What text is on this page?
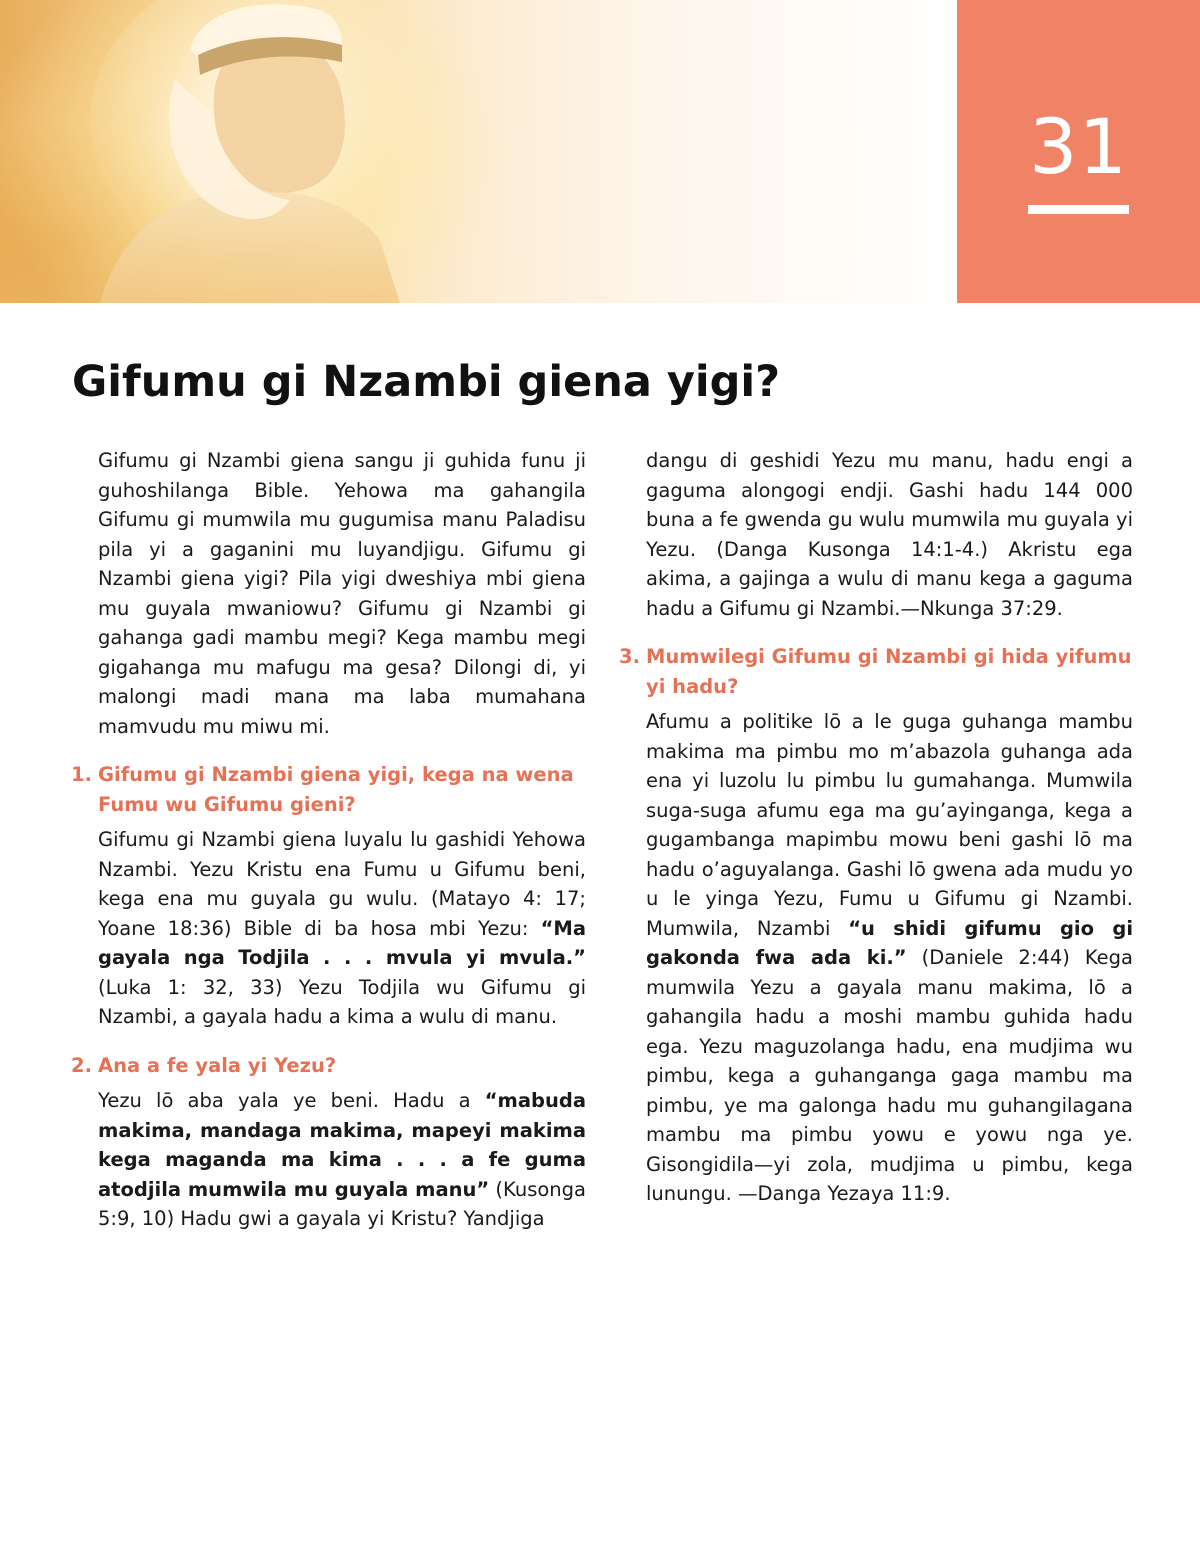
31
Gifumu gi Nzambi giena yigi?

Gifumu gi Nzambi giena sangu ji guhida funu ji guhoshilanga Bible. Yehowa ma gahangila Gifumu gi mumwila mu gugumisa manu Paladisu pila yi a gaganini mu luyandjigu. Gifumu gi Nzambi giena yigi? Pila yigi dweshiya mbi giena mu guyala mwaniowu? Gifumu gi Nzambi gi gahanga gadi mambu megi? Kega mambu megi gigahanga mu mafugu ma gesa? Dilongi di, yi malongi madi mana ma laba mumahana mamvudu mu miwu mi.

1. Gifumu gi Nzambi giena yigi, kega na wena Fumu wu Gifumu gieni?

Gifumu gi Nzambi giena luyalu lu gashidi Yehowa Nzambi. Yezu Kristu ena Fumu u Gifumu beni, kega ena mu guyala gu wulu. (Matayo 4: 17; Yoane 18:36) Bible di ba hosa mbi Yezu: “Ma gayala nga Todjila . . . mvula yi mvula.” (Luka 1: 32, 33) Yezu Todjila wu Gifumu gi Nzambi, a gayala hadu a kima a wulu di manu.

2. Ana a fe yala yi Yezu?

Yezu lō aba yala ye beni. Hadu a “mabuda makima, mandaga makima, mapeyi makima kega maganda ma kima . . . a fe guma atodjila mumwila mu guyala manu” (Kusonga 5:9, 10) Hadu gwi a gayala yi Kristu? Yandjiga

dangu di geshidi Yezu mu manu, hadu engi a gaguma alongogi endji. Gashi hadu 144 000 buna a fe gwenda gu wulu mumwila mu guyala yi Yezu. (Danga Kusonga 14:1-4.) Akristu ega akima, a gajinga a wulu di manu kega a gaguma hadu a Gifumu gi Nzambi.—Nkunga 37:29.

3. Mumwilegi Gifumu gi Nzambi gi hida yifumu yi hadu?

Afumu a politike lō a le guga guhanga mambu makima ma pimbu mo m’abazola guhanga ada ena yi luzolu lu pimbu lu gumahanga. Mumwila suga-suga afumu ega ma gu’ayinganga, kega a gugambanga mapimbu mowu beni gashi lō ma hadu o’aguyalanga. Gashi lō gwena ada mudu yo u le yinga Yezu, Fumu u Gifumu gi Nzambi. Mumwila, Nzambi “u shidi gifumu gio gi gakonda fwa ada ki.” (Daniele 2:44) Kega mumwila Yezu a gayala manu makima, lō a gahangila hadu a moshi mambu guhida hadu ega. Yezu maguzolanga hadu, ena mudjima wu pimbu, kega a guhanganga gaga mambu ma pimbu, ye ma galonga hadu mu guhangilagana mambu ma pimbu yowu e yowu nga ye. Gisongidila—yi zola, mudjima u pimbu, kega lunungu. —Danga Yezaya 11:9.
